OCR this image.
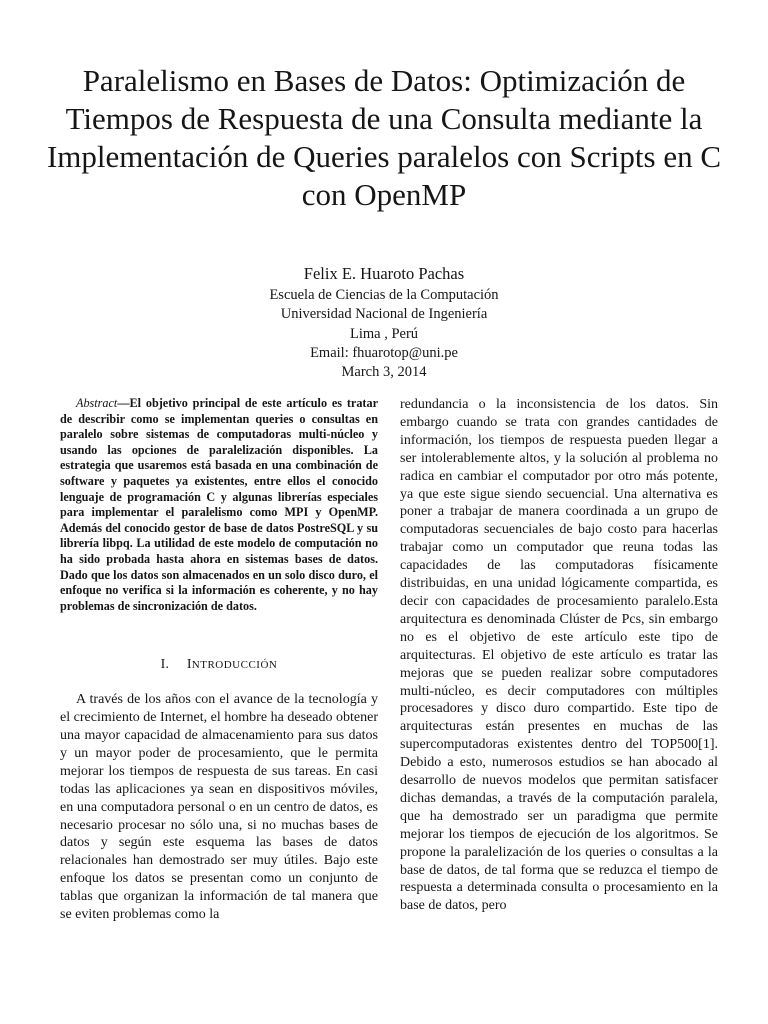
Paralelismo en Bases de Datos: Optimización de Tiempos de Respuesta de una Consulta mediante la Implementación de Queries paralelos con Scripts en C con OpenMP
Felix E. Huaroto Pachas
Escuela de Ciencias de la Computación
Universidad Nacional de Ingeniería
Lima , Perú
Email: fhuarotop@uni.pe
March 3, 2014

Abstract—El objetivo principal de este artículo es tratar de describir como se implementan queries o consultas en paralelo sobre sistemas de computadoras multi-núcleo y usando las opciones de paralelización disponibles. La estrategia que usaremos está basada en una combinación de software y paquetes ya existentes, entre ellos el conocido lenguaje de programación C y algunas librerías especiales para implementar el paralelismo como MPI y OpenMP. Además del conocido gestor de base de datos PostreSQL y su librería libpq. La utilidad de este modelo de computación no ha sido probada hasta ahora en sistemas bases de datos. Dado que los datos son almacenados en un solo disco duro, el enfoque no verifica si la información es coherente, y no hay problemas de sincronización de datos.

I. INTRODUCCIÓN

A través de los años con el avance de la tecnología y el crecimiento de Internet, el hombre ha deseado obtener una mayor capacidad de almacenamiento para sus datos y un mayor poder de procesamiento, que le permita mejorar los tiempos de respuesta de sus tareas. En casi todas las aplicaciones ya sean en dispositivos móviles, en una computadora personal o en un centro de datos, es necesario procesar no sólo una, si no muchas bases de datos y según este esquema las bases de datos relacionales han demostrado ser muy útiles. Bajo este enfoque los datos se presentan como un conjunto de tablas que organizan la información de tal manera que se eviten problemas como la

redundancia o la inconsistencia de los datos. Sin embargo cuando se trata con grandes cantidades de información, los tiempos de respuesta pueden llegar a ser intolerablemente altos, y la solución al problema no radica en cambiar el computador por otro más potente, ya que este sigue siendo secuencial. Una alternativa es poner a trabajar de manera coordinada a un grupo de computadoras secuenciales de bajo costo para hacerlas trabajar como un computador que reuna todas las capacidades de las computadoras físicamente distribuidas, en una unidad lógicamente compartida, es decir con capacidades de procesamiento paralelo.Esta arquitectura es denominada Clúster de Pcs, sin embargo no es el objetivo de este artículo este tipo de arquitecturas. El objetivo de este artículo es tratar las mejoras que se pueden realizar sobre computadores multi-núcleo, es decir computadores con múltiples procesadores y disco duro compartido. Este tipo de arquitecturas están presentes en muchas de las supercomputadoras existentes dentro del TOP500[1]. Debido a esto, numerosos estudios se han abocado al desarrollo de nuevos modelos que permitan satisfacer dichas demandas, a través de la computación paralela, que ha demostrado ser un paradigma que permite mejorar los tiempos de ejecución de los algoritmos. Se propone la paralelización de los queries o consultas a la base de datos, de tal forma que se reduzca el tiempo de respuesta a determinada consulta o procesamiento en la base de datos, pero
